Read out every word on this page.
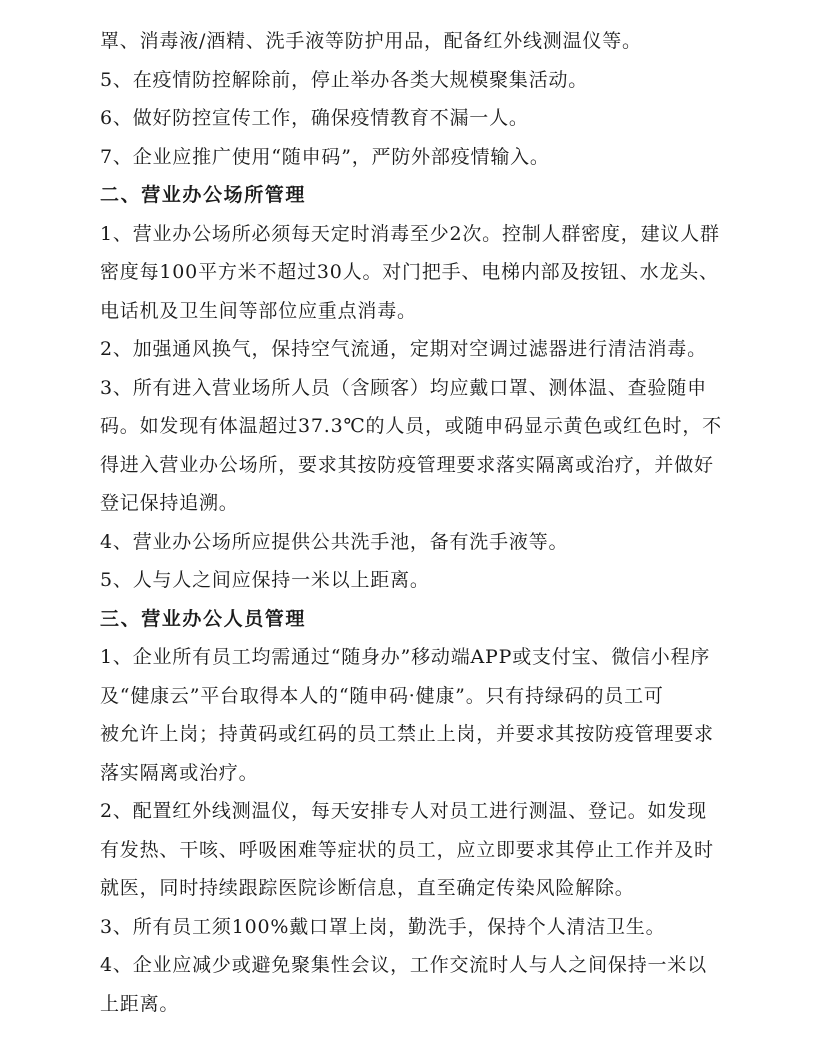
罩、消毒液/酒精、洗手液等防护用品，配备红外线测温仪等。
5、在疫情防控解除前，停止举办各类大规模聚集活动。
6、做好防控宣传工作，确保疫情教育不漏一人。
7、企业应推广使用“随申码”，严防外部疫情输入。
二、营业办公场所管理
1、营业办公场所必须每天定时消毒至少2次。控制人群密度，建议人群
密度每100平方米不超过30人。对门把手、电梯内部及按钮、水龙头、
电话机及卫生间等部位应重点消毒。
2、加强通风换气，保持空气流通，定期对空调过滤器进行清洁消毒。
3、所有进入营业场所人员（含顾客）均应戴口罩、测体温、查验随申
码。如发现有体温超过37.3℃的人员，或随申码显示黄色或红色时，不
得进入营业办公场所，要求其按防疫管理要求落实隔离或治疗，并做好
登记保持追溯。
4、营业办公场所应提供公共洗手池，备有洗手液等。
5、人与人之间应保持一米以上距离。
三、营业办公人员管理
1、企业所有员工均需通过“随身办”移动端APP或支付宝、微信小程序
及“健康云”平台取得本人的“随申码·健康”。只有持绿码的员工可
被允许上岗；持黄码或红码的员工禁止上岗，并要求其按防疫管理要求
落实隔离或治疗。
2、配置红外线测温仪，每天安排专人对员工进行测温、登记。如发现
有发热、干咳、呼吸困难等症状的员工，应立即要求其停止工作并及时
就医，同时持续跟踪医院诊断信息，直至确定传染风险解除。
3、所有员工须100%戴口罩上岗，勤洗手，保持个人清洁卫生。
4、企业应减少或避免聚集性会议，工作交流时人与人之间保持一米以
上距离。
